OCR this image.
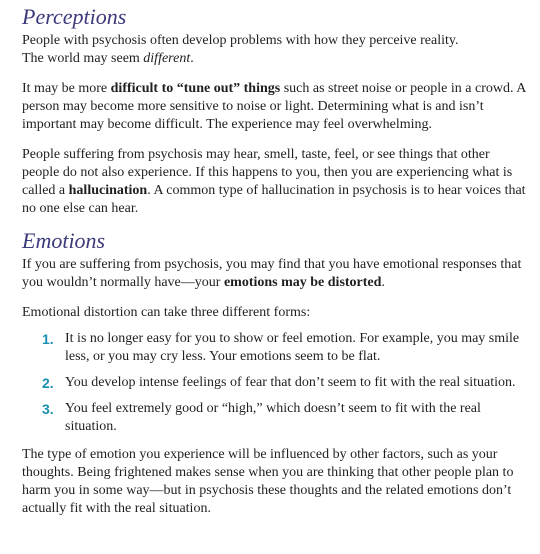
Perceptions

People with psychosis often develop problems with how they perceive reality.
The world may seem different.

It may be more difficult to “tune out” things such as street noise or people in a crowd. A person may become more sensitive to noise or light. Determining what is and isn’t important may become difficult. The experience may feel overwhelming.

People suffering from psychosis may hear, smell, taste, feel, or see things that other people do not also experience. If this happens to you, then you are experiencing what is called a hallucination. A common type of hallucination in psychosis is to hear voices that no one else can hear.

Emotions

If you are suffering from psychosis, you may find that you have emotional responses that you wouldn’t normally have—your emotions may be distorted.

Emotional distortion can take three different forms:

1. It is no longer easy for you to show or feel emotion. For example, you may smile less, or you may cry less. Your emotions seem to be flat.
2. You develop intense feelings of fear that don’t seem to fit with the real situation.
3. You feel extremely good or “high,” which doesn’t seem to fit with the real situation.

The type of emotion you experience will be influenced by other factors, such as your thoughts. Being frightened makes sense when you are thinking that other people plan to harm you in some way—but in psychosis these thoughts and the related emotions don’t actually fit with the real situation.
